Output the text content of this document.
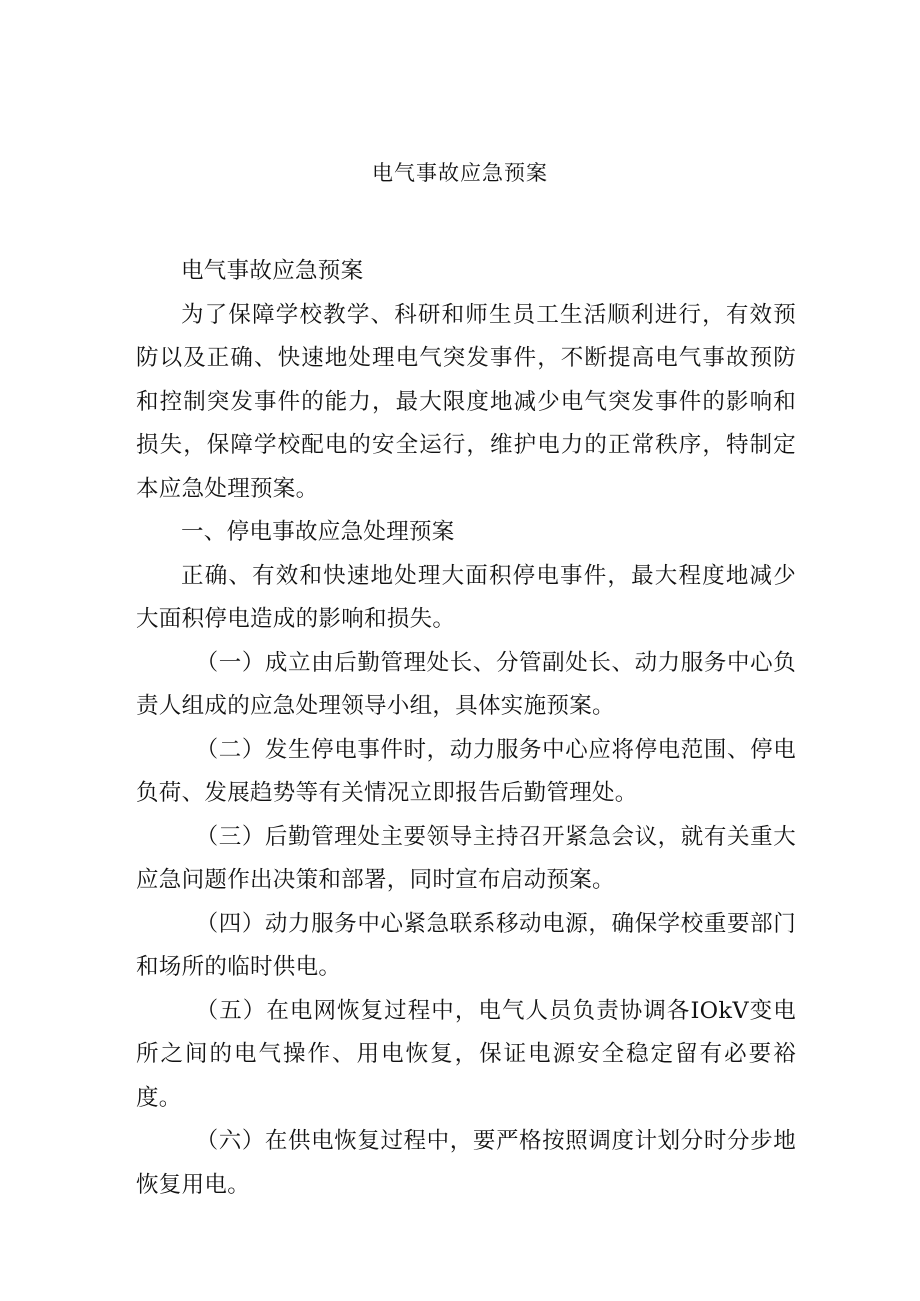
电气事故应急预案

电气事故应急预案

为了保障学校教学、科研和师生员工生活顺利进行，有效预防以及正确、快速地处理电气突发事件，不断提高电气事故预防和控制突发事件的能力，最大限度地减少电气突发事件的影响和损失，保障学校配电的安全运行，维护电力的正常秩序，特制定本应急处理预案。

一、停电事故应急处理预案

正确、有效和快速地处理大面积停电事件，最大程度地减少大面积停电造成的影响和损失。

（一）成立由后勤管理处长、分管副处长、动力服务中心负责人组成的应急处理领导小组，具体实施预案。

（二）发生停电事件时，动力服务中心应将停电范围、停电负荷、发展趋势等有关情况立即报告后勤管理处。

（三）后勤管理处主要领导主持召开紧急会议，就有关重大应急问题作出决策和部署，同时宣布启动预案。

（四）动力服务中心紧急联系移动电源，确保学校重要部门和场所的临时供电。

（五）在电网恢复过程中，电气人员负责协调各IOkV变电所之间的电气操作、用电恢复，保证电源安全稳定留有必要裕度。

（六）在供电恢复过程中，要严格按照调度计划分时分步地恢复用电。
